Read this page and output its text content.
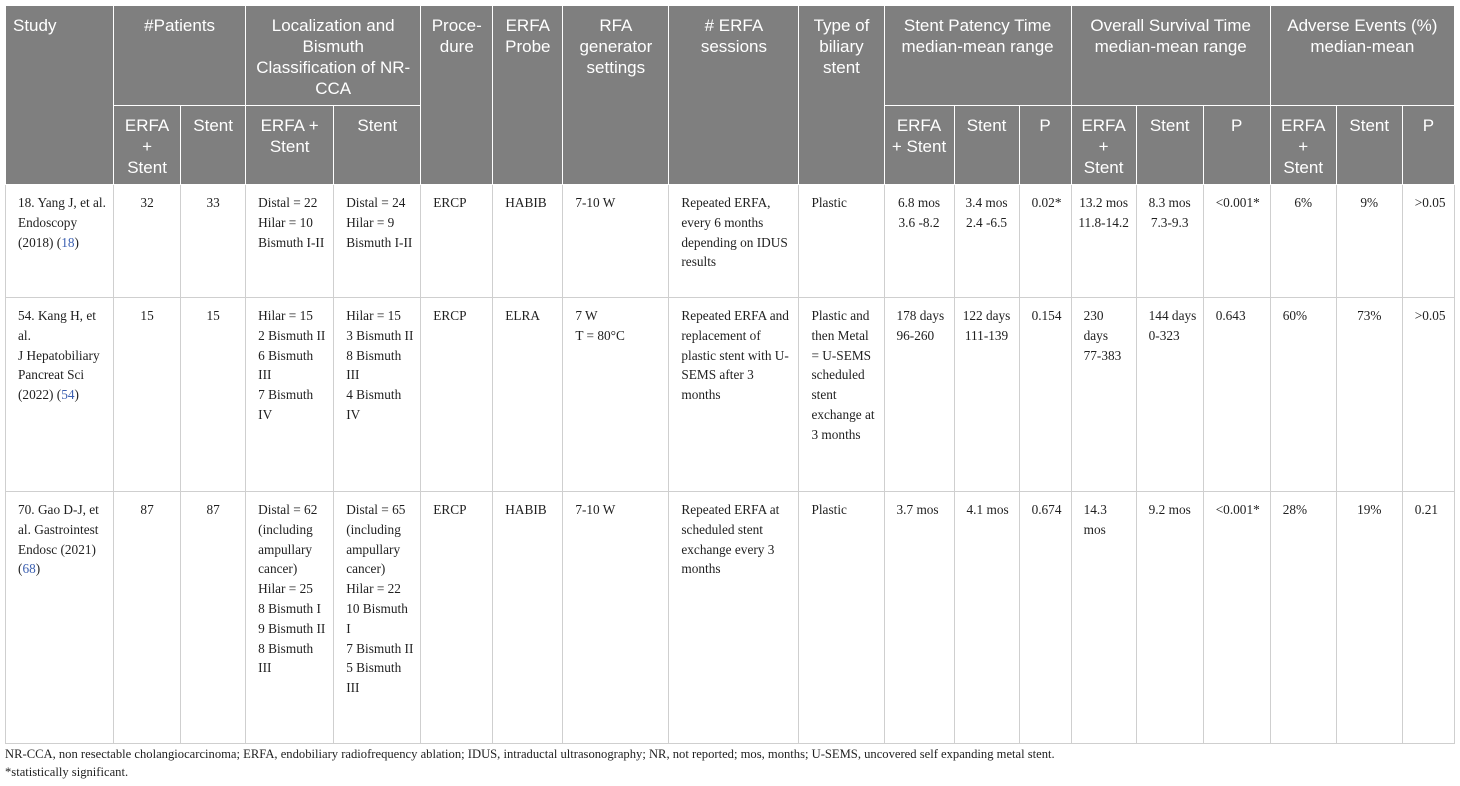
Study	#Patients		Localization and Bismuth Classification of NR-CCA		Proce-dure	ERFA Probe	RFA generator settings	# ERFA sessions	Type of biliary stent	Stent Patency Time median-mean range			Overall Survival Time median-mean range			Adverse Events (%) median-mean		
	ERFA + Stent	Stent	ERFA + Stent	Stent						ERFA + Stent	Stent	P	ERFA + Stent	Stent	P	ERFA + Stent	Stent	P
18. Yang J, et al. Endoscopy (2018) (18)	32	33	Distal = 22
Hilar = 10
Bismuth I-II	Distal = 24
Hilar = 9
Bismuth I-II	ERCP	HABIB	7-10 W	Repeated ERFA, every 6 months depending on IDUS results	Plastic	6.8 mos
3.6 -8.2	3.4 mos
2.4 -6.5	0.02*	13.2 mos
11.8-14.2	8.3 mos
7.3-9.3	<0.001*	6%	9%	>0.05
54. Kang H, et al.
J Hepatobiliary Pancreat Sci (2022) (54)	15	15	Hilar = 15
2 Bismuth II
6 Bismuth III
7 Bismuth IV	Hilar = 15
3 Bismuth II
8 Bismuth III
4 Bismuth IV	ERCP	ELRA	7 W
T = 80°C	Repeated ERFA and replacement of plastic stent with U-SEMS after 3 months	Plastic and then Metal = U-SEMS scheduled stent exchange at 3 months	178 days
96-260	122 days
111-139	0.154	230 days
77-383	144 days
0-323	0.643	60%	73%	>0.05
70. Gao D-J, et al. Gastrointest Endosc (2021) (68)	87	87	Distal = 62 (including ampullary cancer)
Hilar = 25
8 Bismuth I
9 Bismuth II
8 Bismuth III	Distal = 65 (including ampullary cancer)
Hilar = 22
10 Bismuth I
7 Bismuth II
5 Bismuth III	ERCP	HABIB	7-10 W	Repeated ERFA at scheduled stent exchange every 3 months	Plastic	3.7 mos	4.1 mos	0.674	14.3 mos	9.2 mos	<0.001*	28%	19%	0.21
NR-CCA, non resectable cholangiocarcinoma; ERFA, endobiliary radiofrequency ablation; IDUS, intraductal ultrasonography; NR, not reported; mos, months; U-SEMS, uncovered self expanding metal stent.
*statistically significant.
